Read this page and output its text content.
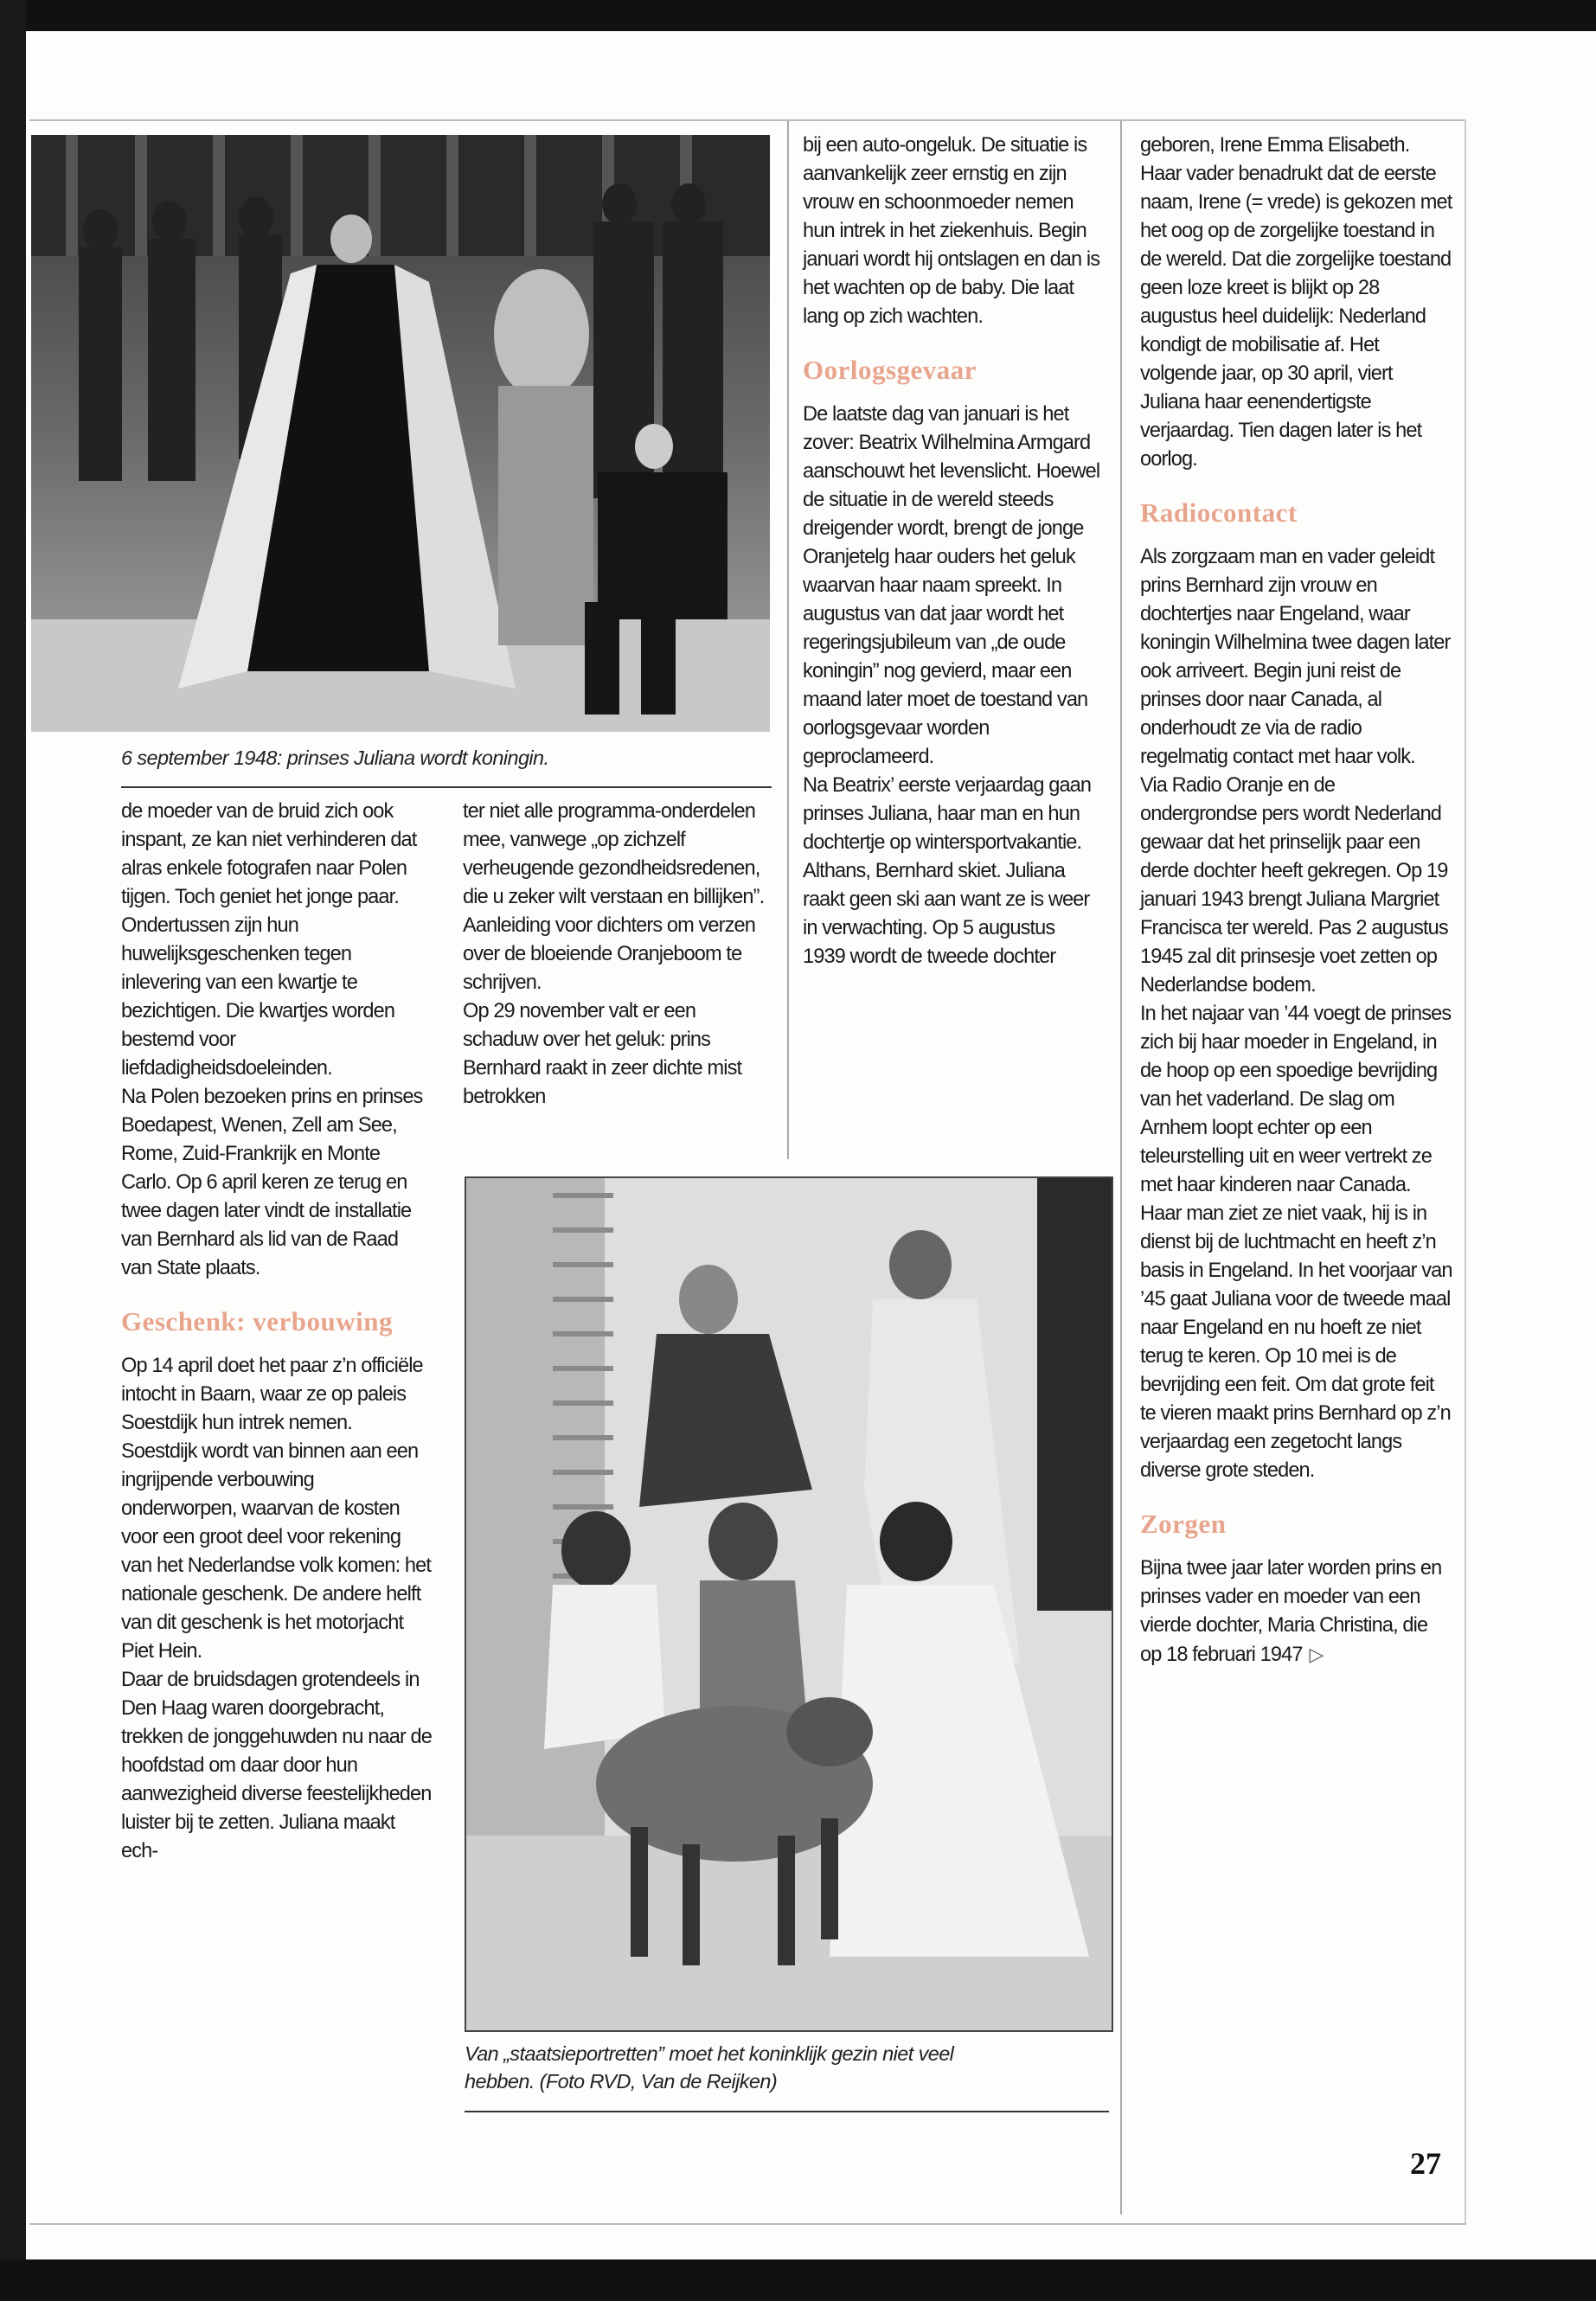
6 september 1948: prinses Juliana wordt koningin.

de moeder van de bruid zich ook inspant, ze kan niet verhinderen dat alras enkele fotografen naar Polen tijgen. Toch geniet het jonge paar.

Ondertussen zijn hun huwelijksgeschenken tegen inlevering van een kwartje te bezichtigen. Die kwartjes worden bestemd voor liefdadigheidsdoeleinden.

Na Polen bezoeken prins en prinses Boedapest, Wenen, Zell am See, Rome, Zuid-Frankrijk en Monte Carlo. Op 6 april keren ze terug en twee dagen later vindt de installatie van Bernhard als lid van de Raad van State plaats.

Geschenk: verbouwing

Op 14 april doet het paar z’n officiële intocht in Baarn, waar ze op paleis Soestdijk hun intrek nemen. Soestdijk wordt van binnen aan een ingrijpende verbouwing onderworpen, waarvan de kosten voor een groot deel voor rekening van het Nederlandse volk komen: het nationale geschenk. De andere helft van dit geschenk is het motorjacht Piet Hein.

Daar de bruidsdagen grotendeels in Den Haag waren doorgebracht, trekken de jonggehuwden nu naar de hoofdstad om daar door hun aanwezigheid diverse feestelijkheden luister bij te zetten. Juliana maakt ech-

ter niet alle programma-onderdelen mee, vanwege „op zichzelf verheugende gezondheidsredenen, die u zeker wilt verstaan en billijken”. Aanleiding voor dichters om verzen over de bloeiende Oranjeboom te schrijven.

Op 29 november valt er een schaduw over het geluk: prins Bernhard raakt in zeer dichte mist betrokken

bij een auto-ongeluk. De situatie is aanvankelijk zeer ernstig en zijn vrouw en schoonmoeder nemen hun intrek in het ziekenhuis. Begin januari wordt hij ontslagen en dan is het wachten op de baby. Die laat lang op zich wachten.

Oorlogsgevaar

De laatste dag van januari is het zover: Beatrix Wilhelmina Armgard aanschouwt het levenslicht. Hoewel de situatie in de wereld steeds dreigender wordt, brengt de jonge Oranjetelg haar ouders het geluk waarvan haar naam spreekt. In augustus van dat jaar wordt het regeringsjubileum van „de oude koningin” nog gevierd, maar een maand later moet de toestand van oorlogsgevaar worden geproclameerd.

Na Beatrix’ eerste verjaardag gaan prinses Juliana, haar man en hun dochtertje op wintersportvakantie. Althans, Bernhard skiet. Juliana raakt geen ski aan want ze is weer in verwachting. Op 5 augustus 1939 wordt de tweede dochter

geboren, Irene Emma Elisabeth. Haar vader benadrukt dat de eerste naam, Irene (= vrede) is gekozen met het oog op de zorgelijke toestand in de wereld. Dat die zorgelijke toestand geen loze kreet is blijkt op 28 augustus heel duidelijk: Nederland kondigt de mobilisatie af. Het volgende jaar, op 30 april, viert Juliana haar eenendertigste verjaardag. Tien dagen later is het oorlog.

Radiocontact

Als zorgzaam man en vader geleidt prins Bernhard zijn vrouw en dochtertjes naar Engeland, waar koningin Wilhelmina twee dagen later ook arriveert. Begin juni reist de prinses door naar Canada, al onderhoudt ze via de radio regelmatig contact met haar volk.

Via Radio Oranje en de ondergrondse pers wordt Nederland gewaar dat het prinselijk paar een derde dochter heeft gekregen. Op 19 januari 1943 brengt Juliana Margriet Francisca ter wereld. Pas 2 augustus 1945 zal dit prinsesje voet zetten op Nederlandse bodem.

In het najaar van ’44 voegt de prinses zich bij haar moeder in Engeland, in de hoop op een spoedige bevrijding van het vaderland. De slag om Arnhem loopt echter op een teleurstelling uit en weer vertrekt ze met haar kinderen naar Canada.

Haar man ziet ze niet vaak, hij is in dienst bij de luchtmacht en heeft z’n basis in Engeland. In het voorjaar van ’45 gaat Juliana voor de tweede maal naar Engeland en nu hoeft ze niet terug te keren. Op 10 mei is de bevrijding een feit. Om dat grote feit te vieren maakt prins Bernhard op z’n verjaardag een zegetocht langs diverse grote steden.

Zorgen

Bijna twee jaar later worden prins en prinses vader en moeder van een vierde dochter, Maria Christina, die op 18 februari 1947 ▷

Van „staatsieportretten” moet het koninklijk gezin niet veel
hebben. (Foto RVD, Van de Reijken)
27
